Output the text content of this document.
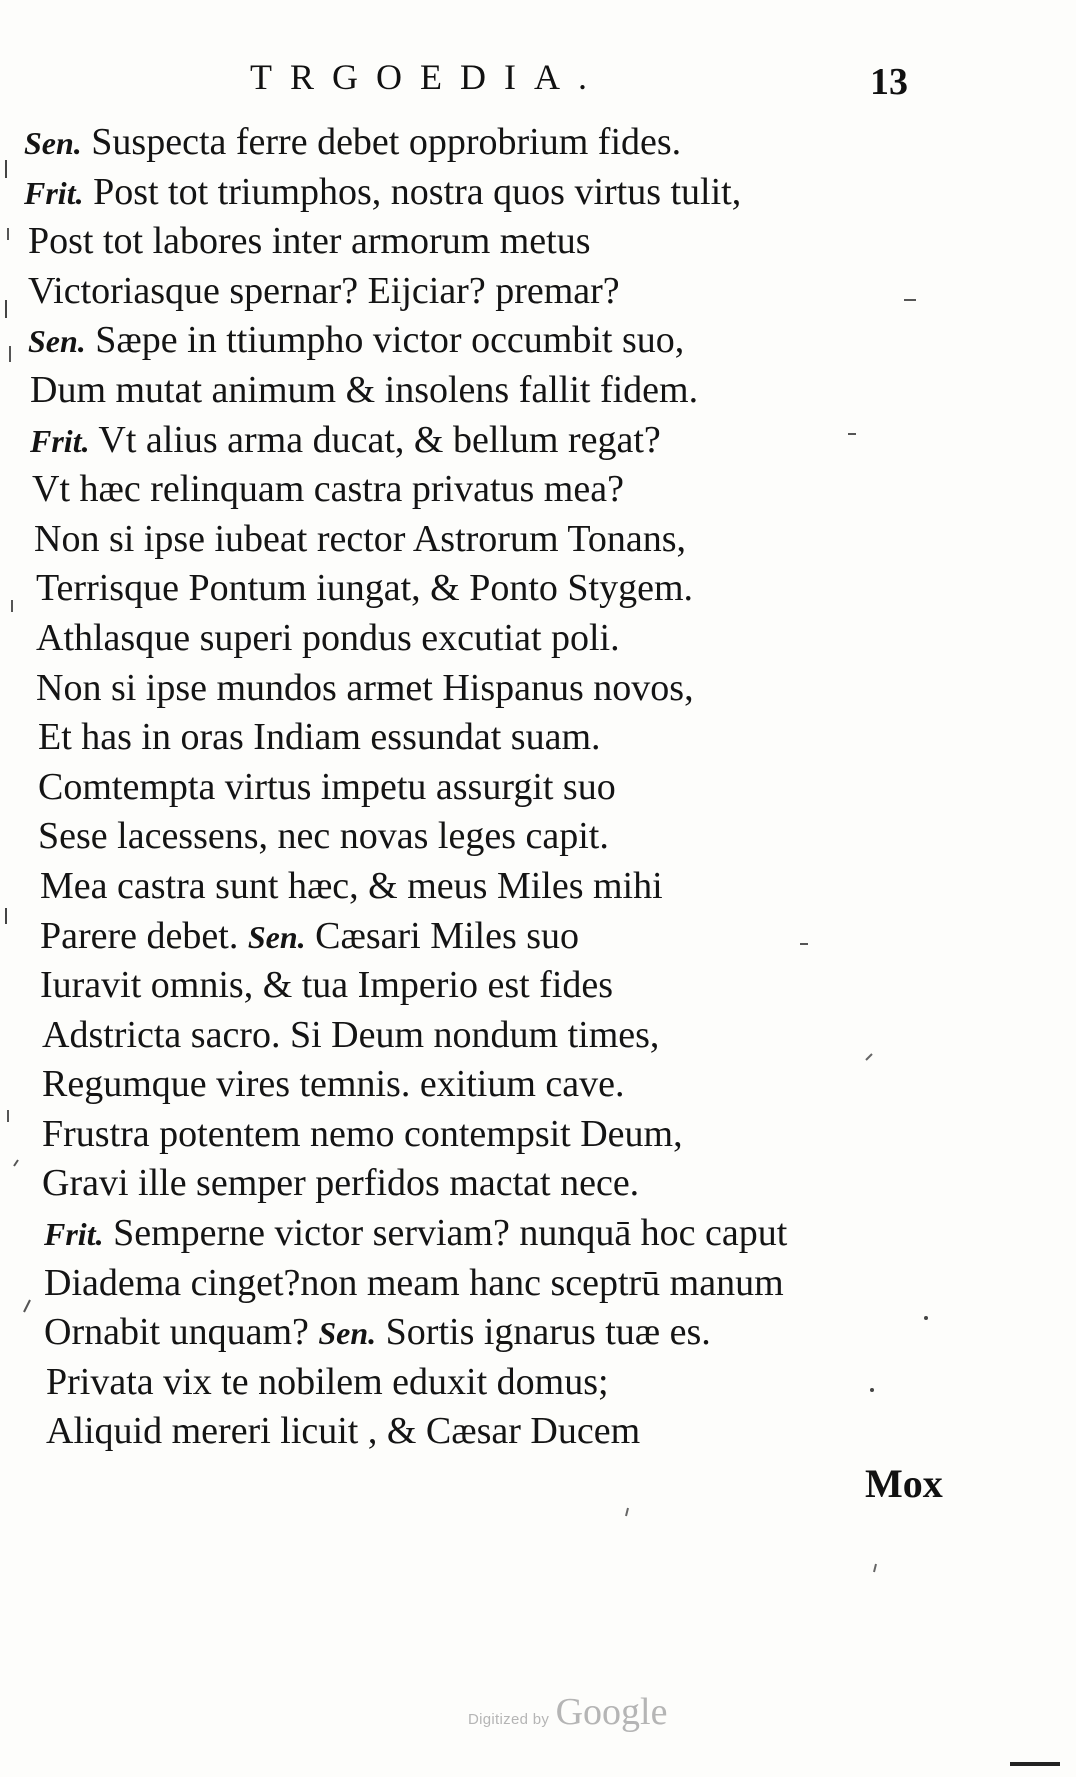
TRGOEDIA.	13
Sen. Suspecta ferre debet opprobrium fides.
Frit. Post tot triumphos, nostra quos virtus tulit,
Post tot labores inter armorum metus
Victoriasque spernar? Eijciar? premar?
Sen. Sæpe in ttiumpho victor occumbit suo,
Dum mutat animum & insolens fallit fidem.
Frit. Vt alius arma ducat, & bellum regat?
Vt hæc relinquam castra privatus mea?
Non si ipse iubeat rector Astrorum Tonans,
Terrisque Pontum iungat, & Ponto Stygem.
Athlasque superi pondus excutiat poli.
Non si ipse mundos armet Hispanus novos,
Et has in oras Indiam essundat suam.
Comtempta virtus impetu assurgit suo
Sese lacessens, nec novas leges capit.
Mea castra sunt hæc, & meus Miles mihi
Parere debet. Sen. Cæsari Miles suo
Iuravit omnis, & tua Imperio est fides
Adstricta sacro. Si Deum nondum times,
Regumque vires temnis. exitium cave.
Frustra potentem nemo contempsit Deum,
Gravi ille semper perfidos mactat nece.
Frit. Semperne victor serviam? nunquā hoc caput
Diadema cinget?non meam hanc sceptrū manum
Ornabit unquam? Sen. Sortis ignarus tuæ es.
Privata vix te nobilem eduxit domus;
Aliquid mereri licuit , & Cæsar Ducem
Mox
Digitized by Google
